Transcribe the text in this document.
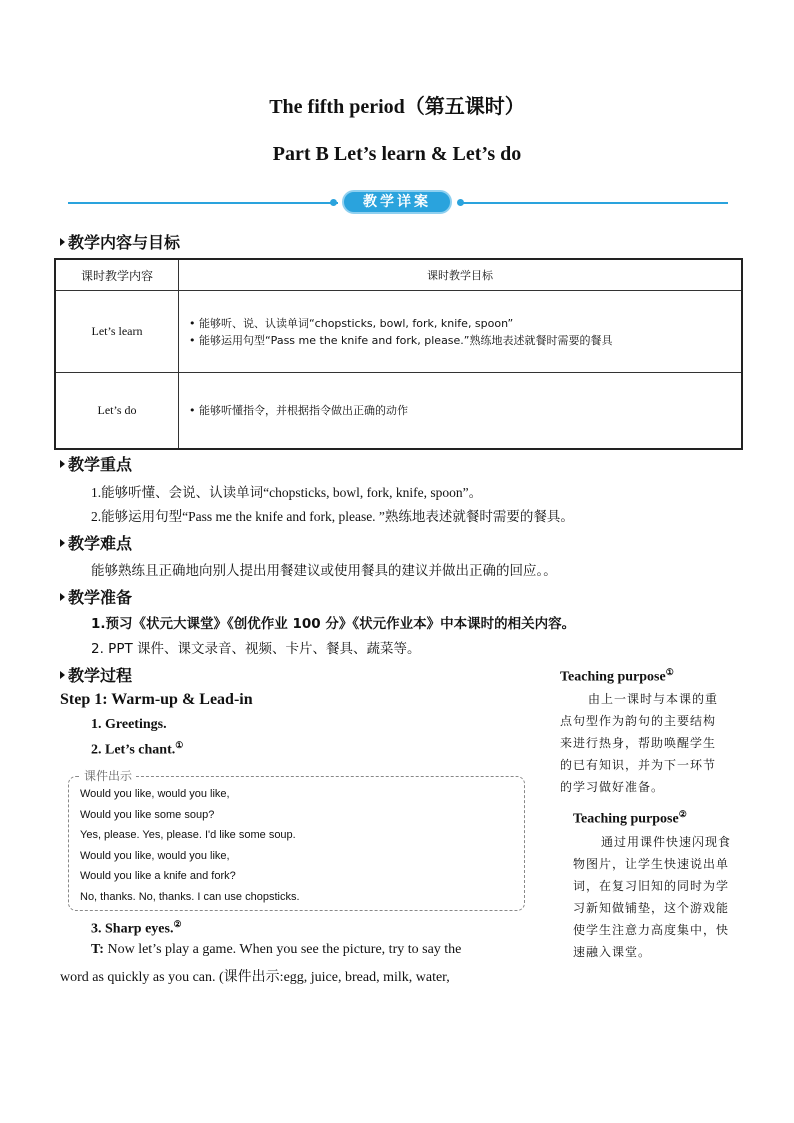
The fifth period（第五课时）
Part B Let’s learn & Let’s do
教学详案
教学内容与目标
课时教学内容	课时教学目标
Let’s learn	• 能够听、说、认读单词“chopsticks, bowl, fork, knife, spoon”
• 能够运用句型“Pass me the knife and fork, please.”熟练地表述就餐时需要的餐具

Let’s do	• 能够听懂指令，并根据指令做出正确的动作
教学重点
1.能够听懂、会说、认读单词“chopsticks, bowl, fork, knife, spoon”。
2.能够运用句型“Pass me the knife and fork, please. ”熟练地表述就餐时需要的餐具。
教学难点
能够熟练且正确地向别人提出用餐建议或使用餐具的建议并做出正确的回应。。
教学准备
1.预习《状元大课堂》《创优作业 100 分》《状元作业本》中本课时的相关内容。
2. PPT 课件、课文录音、视频、卡片、餐具、蔬菜等。
教学过程
Step 1: Warm-up & Lead-in
1. Greetings.
2. Let’s chant.①
课件出示
Would you like, would you like,
Would you like some soup?
Yes, please. Yes, please. I'd like some soup.
Would you like, would you like,
Would you like a knife and fork?
No, thanks. No, thanks. I can use chopsticks.
3. Sharp eyes.②
T: Now let’s play a game. When you see the picture, try to say the
word as quickly as you can. (课件出示:egg, juice, bread, milk, water,
Teaching purpose①
由上一课时与本课的重
点句型作为韵句的主要结构
来进行热身，帮助唤醒学生
的已有知识，并为下一环节
的学习做好准备。
Teaching purpose②
通过用课件快速闪现食
物图片，让学生快速说出单
词，在复习旧知的同时为学
习新知做铺垫，这个游戏能
使学生注意力高度集中，快
速融入课堂。
